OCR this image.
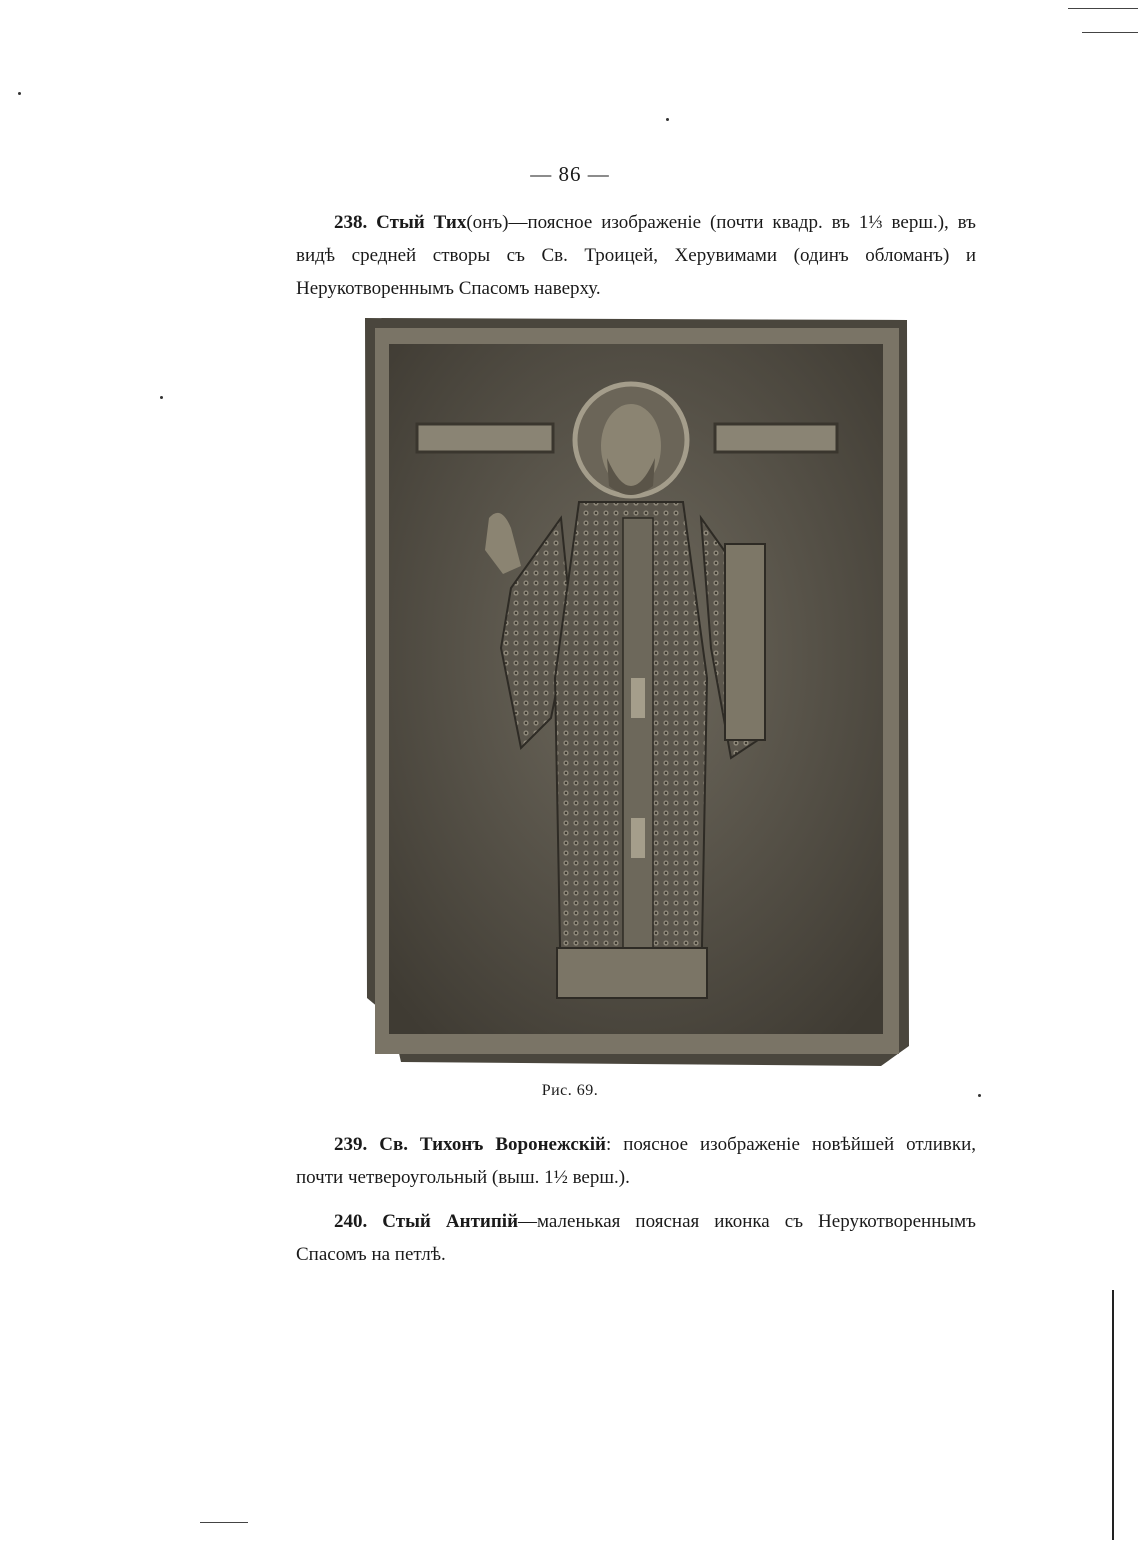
— 86 —

238. Стый Тих(онъ)—поясное изображеніе (почти квадр. въ 1⅓ верш.), въ видѣ средней створы съ Св. Троицей, Херувимами (одинъ обломанъ) и Нерукотвореннымъ Спасомъ наверху.

Рис. 69.

239. Св. Тихонъ Воронежскій: поясное изображеніе новѣйшей отливки, почти четвероугольный (выш. 1½ верш.).

240. Стый Антипій—маленькая поясная иконка съ Нерукотвореннымъ Спасомъ на петлѣ.
